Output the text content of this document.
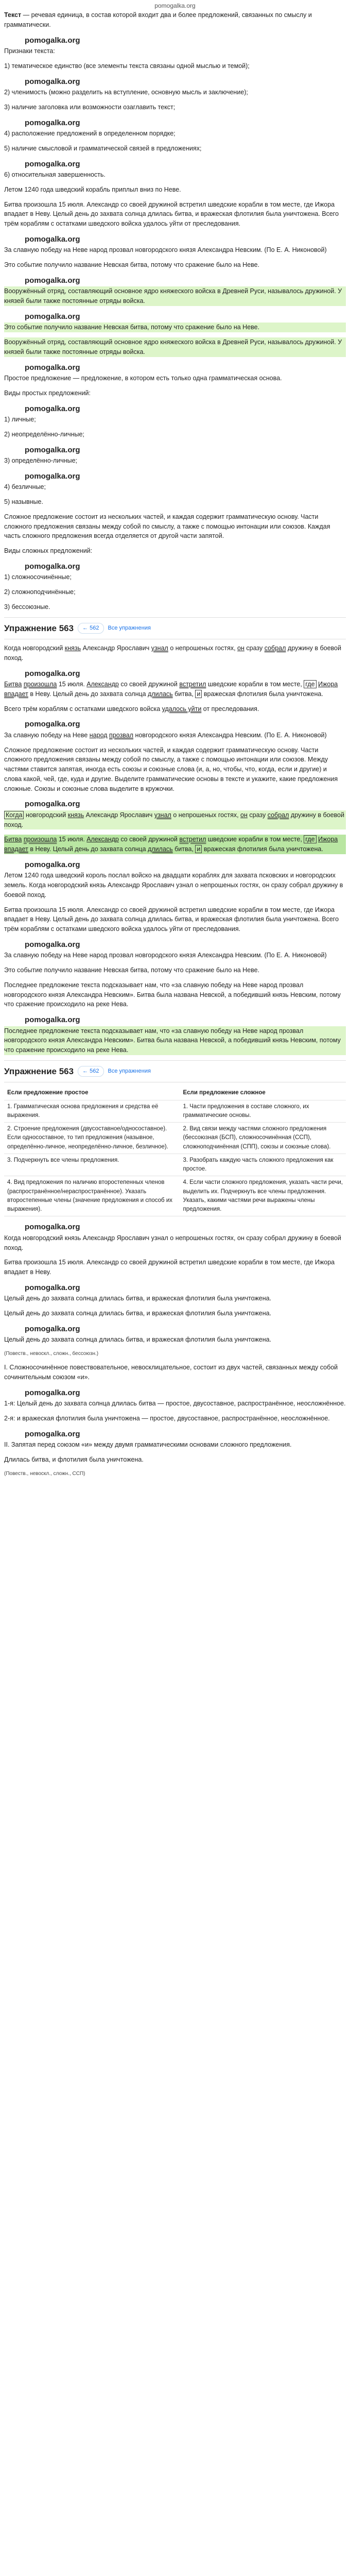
pomogalka.org

Текст — речевая единица, в состав которой входит два и более предложений, связанных по смыслу и грамматически.

pomogalka.org

Признаки текста:

1) тематическое единство (все элементы текста связаны одной мыслью и темой);

pomogalka.org

2) членимость (можно разделить на вступление, основную мысль и заключение);

3) наличие заголовка или возможности озаглавить текст;

pomogalka.org

4) расположение предложений в определенном порядке;

5) наличие смысловой и грамматической связей в предложениях;

pomogalka.org

6) относительная завершенность.

Летом 1240 года шведский корабль приплыл вниз по Неве.

Битва произошла 15 июля. Александр со своей дружиной встретил шведские корабли в том месте, где Ижора впадает в Неву. Целый день до захвата солнца длилась битва, и вражеская флотилия была уничтожена. Всего трём кораблям с остатками шведского войска удалось уйти от преследования.

pomogalka.org

За славную победу на Неве народ прозвал новгородского князя Александра Невским. (По Е. А. Никоновой)

Это событие получило название Невская битва, потому что сражение было на Неве.

pomogalka.org

Вооружённый отряд, составляющий основное ядро княжеского войска в Древней Руси, называлось дружиной. У князей были также постоянные отряды войска.

pomogalka.org

Это событие получило название Невская битва, потому что сражение было на Неве.

Вооружённый отряд, составляющий основное ядро княжеского войска в Древней Руси, называлось дружиной. У князей были также постоянные отряды войска.

pomogalka.org

Простое предложение — предложение, в котором есть только одна грамматическая основа.

Виды простых предложений:

pomogalka.org

1) личные;

2) неопределённо-личные;

pomogalka.org

3) определённо-личные;

pomogalka.org

4) безличные;

5) назывные.

Сложное предложение состоит из нескольких частей, и каждая содержит грамматическую основу. Части сложного предложения связаны между собой по смыслу, а также с помощью интонации или союзов. Каждая часть сложного предложения всегда отделяется от другой части запятой.

Виды сложных предложений:

pomogalka.org

1) сложносочинённые;

2) сложноподчинённые;

3) бессоюзные.

Упражнение 563	← 562	Все упражнения

Когда новгородский князь Александр Ярославич узнал о непрошеных гостях, он сразу собрал дружину в боевой поход.

pomogalka.org

Битва произошла 15 июля. Александр со своей дружиной встретил шведские корабли в том месте, где Ижора впадает в Неву. Целый день до захвата солнца длилась битва, и вражеская флотилия была уничтожена.

Всего трём кораблям с остатками шведского войска удалось уйти от преследования.

pomogalka.org

За славную победу на Неве народ прозвал новгородского князя Александра Невским. (По Е. А. Никоновой)

Сложное предложение состоит из нескольких частей, и каждая содержит грамматическую основу. Части сложного предложения связаны между собой по смыслу, а также с помощью интонации или союзов. Между частями ставится запятая, иногда есть союзы и союзные слова (и, а, но, чтобы, что, когда, если и другие) и слова какой, чей, где, куда и другие. Выделите грамматические основы в тексте и укажите, какие предложения сложные. Союзы и союзные слова выделите в кружочки.

pomogalka.org

Когда новгородский князь Александр Ярославич узнал о непрошеных гостях, он сразу собрал дружину в боевой поход.

Битва произошла 15 июля. Александр со своей дружиной встретил шведские корабли в том месте, где Ижора впадает в Неву. Целый день до захвата солнца длилась битва, и вражеская флотилия была уничтожена.

pomogalka.org

Летом 1240 года шведский король послал войско на двадцати кораблях для захвата псковских и новгородских земель. Когда новгородский князь Александр Ярославич узнал о непрошеных гостях, он сразу собрал дружину в боевой поход.

Битва произошла 15 июля. Александр со своей дружиной встретил шведские корабли в том месте, где Ижора впадает в Неву. Целый день до захвата солнца длилась битва, и вражеская флотилия была уничтожена. Всего трём кораблям с остатками шведского войска удалось уйти от преследования.

pomogalka.org

За славную победу на Неве народ прозвал новгородского князя Александра Невским. (По Е. А. Никоновой)

Это событие получило название Невская битва, потому что сражение было на Неве.

Последнее предложение текста подсказывает нам, что «за славную победу на Неве народ прозвал новгородского князя Александра Невским». Битва была названа Невской, а победивший князь Невским, потому что сражение происходило на реке Нева.

pomogalka.org

Последнее предложение текста подсказывает нам, что «за славную победу на Неве народ прозвал новгородского князя Александра Невским». Битва была названа Невской, а победивший князь Невским, потому что сражение происходило на реке Нева.

Упражнение 563	← 562	Все упражнения
Если предложение простое	Если предложение сложное
1. Грамматическая основа предложения и средства её выражения.	1. Части предложения в составе сложного, их грамматические основы.
2. Строение предложения (двусоставное/односоставное). Если односоставное, то тип предложения (назывное, определённо-личное, неопределённо-личное, безличное).	2. Вид связи между частями сложного предложения (бессоюзная (БСП), сложносочинённая (ССП), сложноподчинённая (СПП), союзы и союзные слова).
3. Подчеркнуть все члены предложения.	3. Разобрать каждую часть сложного предложения как простое.
4. Вид предложения по наличию второстепенных членов (распространённое/нераспространённое). Указать второстепенные члены (значение предложения и способ их выражения).	4. Если части сложного предложения, указать части речи, выделить их. Подчеркнуть все члены предложения. Указать, какими частями речи выражены члены предложения.
pomogalka.org

Когда новгородский князь Александр Ярославич узнал о непрошеных гостях, он сразу собрал дружину в боевой поход.

Битва произошла 15 июля. Александр со своей дружиной встретил шведские корабли в том месте, где Ижора впадает в Неву.

pomogalka.org

Целый день до захвата солнца длилась битва, и вражеская флотилия была уничтожена.

Целый день до захвата солнца длилась битва, и вражеская флотилия была уничтожена.

pomogalka.org

Целый день до захвата солнца длилась битва, и вражеская флотилия была уничтожена.

(Повеств., невоскл., сложн., бессоюзн.)

I. Сложносочинённое повествовательное, невосклицательное, состоит из двух частей, связанных между собой сочинительным союзом «и».

pomogalka.org

1-я: Целый день до захвата солнца длилась битва — простое, двусоставное, распространённое, неосложнённое.

2-я: и вражеская флотилия была уничтожена — простое, двусоставное, распространённое, неосложнённое.

pomogalka.org

II. Запятая перед союзом «и» между двумя грамматическими основами сложного предложения.

Длилась битва, и флотилия была уничтожена.

(Повеств., невоскл., сложн., ССП)
